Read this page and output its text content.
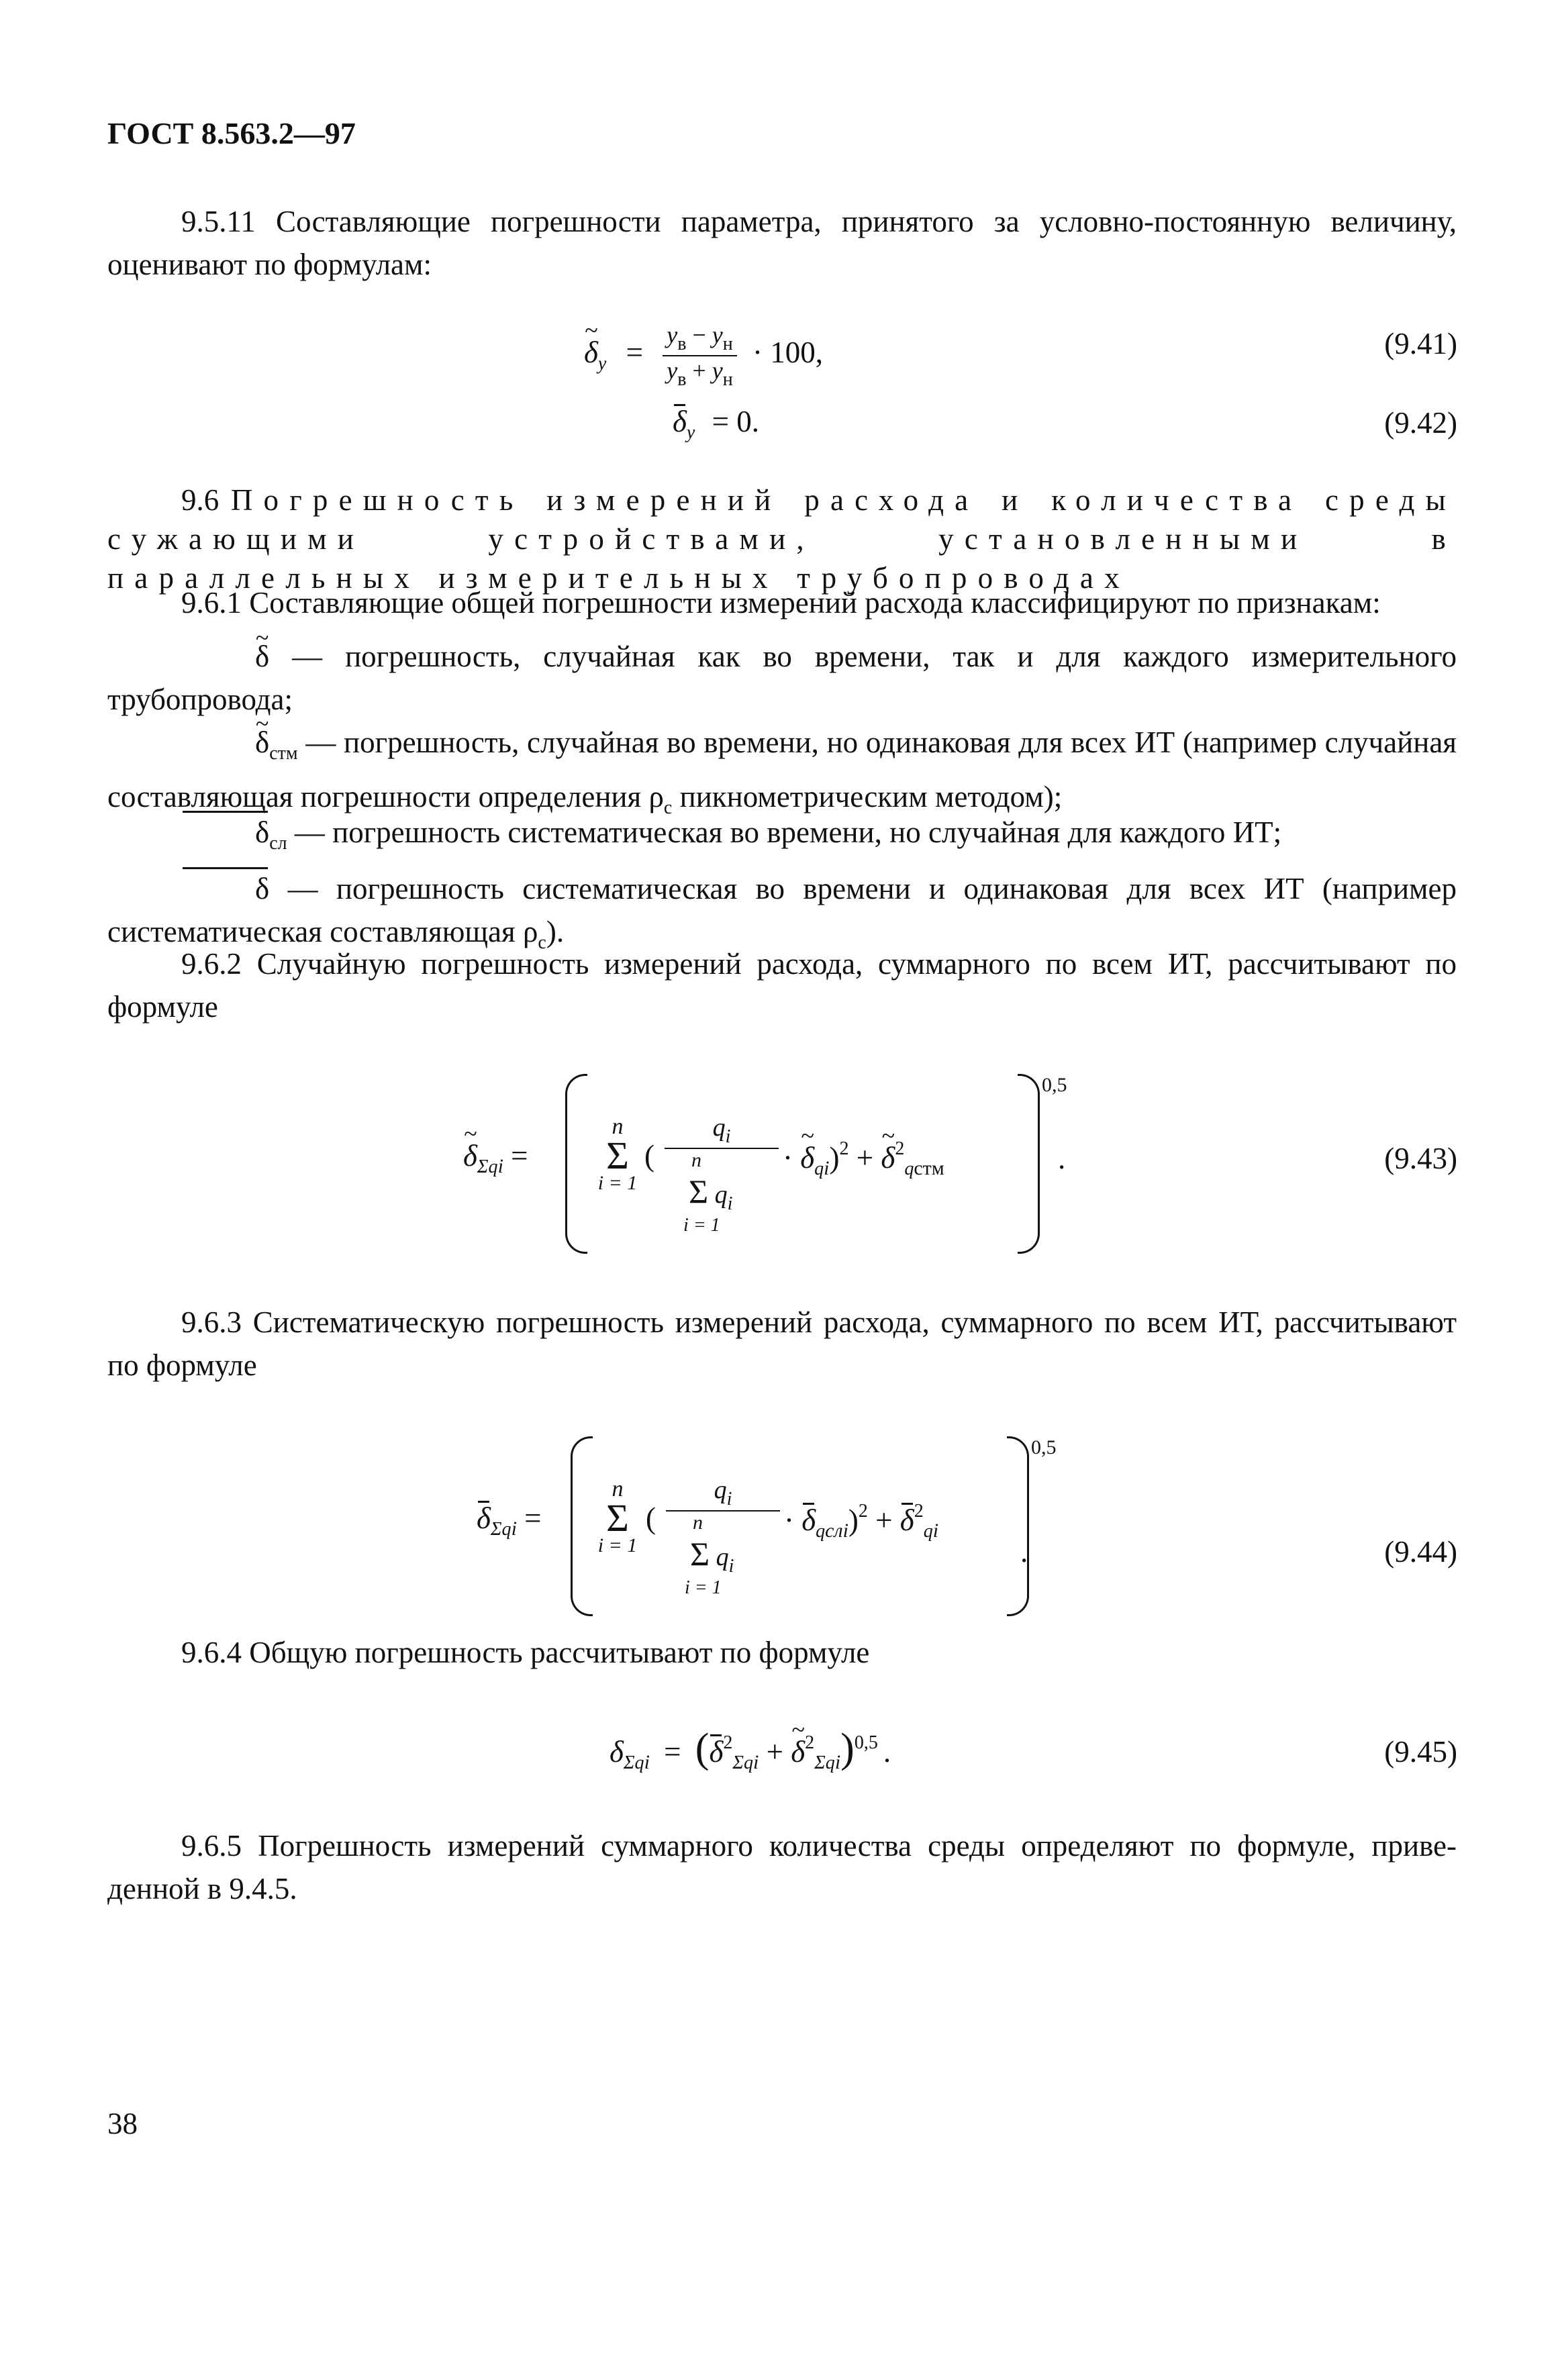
ГОСТ 8.563.2—97
9.5.11 Составляющие погрешности параметра, принятого за условно-постоянную величину, оценивают по формулам:
~ $\delta_y$ =
$y_в - y_н$
$y_в + y_н$
· 100,	(9.41)
$\delta_y = 0$.	(9.42)
9.6 Погрешность измерений расхода и количества среды сужающими устройствами, установленными в параллельных измерительных трубопроводах
9.6.1 Составляющие общей погрешности измерений расхода классифицируют по признакам:
~ δ — погрешность, случайная как во времени, так и для каждого измерительного трубопровода;
~ $\delta_{стм}$ — погрешность, случайная во времени, но одинаковая для всех ИТ (например случайная составляющая погрешности определения $\rho_с$ пикнометрическим методом);
$\delta_{сл}$ — погрешность систематическая во времени, но случайная для каждого ИТ;
δ — погрешность систематическая во времени и одинаковая для всех ИТ (например систематическая составляющая $\rho_с$).
9.6.2 Случайную погрешность измерений расхода, суммарного по всем ИТ, рассчитывают по формуле
~ $\delta_{\Sigma qi}$ =
n
Σ
i = 1
(
$q_i$
n
Σ $q_i$
i = 1
· ~ $\delta_{qi})^2$ + ~ $\delta^2_{qстм}$
0,5
.	(9.43)
9.6.3 Систематическую погрешность измерений расхода, суммарного по всем ИТ, рассчитывают по формуле
$\delta_{\Sigma qi}$ =
n
Σ
i = 1
(
$q_i$
n
Σ $q_i$
i = 1
· $\delta_{qслi})^2 + \delta^2_{qi}$
0,5
.	(9.44)
9.6.4 Общую погрешность рассчитывают по формуле
$\delta_{\Sigma qi} = (\delta^2_{\Sigma qi}$ + ~ $\delta^2_{\Sigma qi})^{0,5}$ .	(9.45)
9.6.5 Погрешность измерений суммарного количества среды определяют по формуле, приведенной в 9.4.5.
38
